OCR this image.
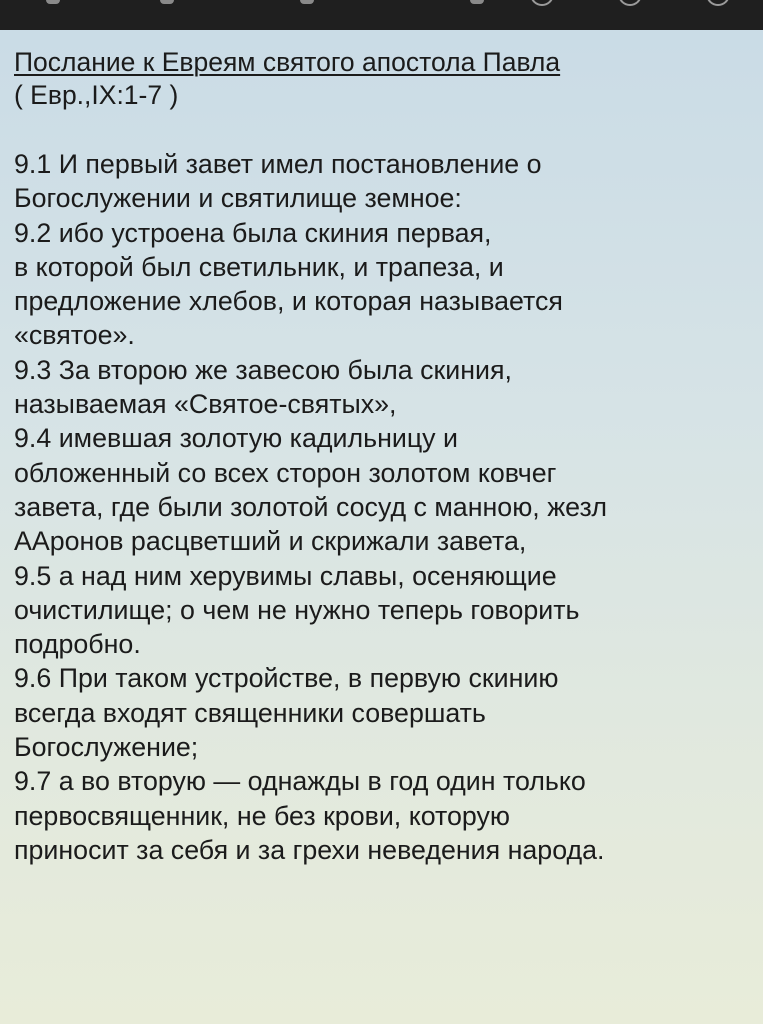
Послание к Евреям святого апостола Павла

( Евр.,IX:1-7 )

9.1 И первый завет имел постановление о
Богослужении и святилище земное:

9.2 ибо устроена была скиния первая,
в которой был светильник, и трапеза, и
предложение хлебов, и которая называется
«святое».

9.3 За второю же завесою была скиния,
называемая «Святое-святых»,

9.4 имевшая золотую кадильницу и
обложенный со всех сторон золотом ковчег
завета, где были золотой сосуд с манною, жезл
ААронов расцветший и скрижали завета,

9.5 а над ним херувимы славы, осеняющие
очистилище; о чем не нужно теперь говорить
подробно.

9.6 При таком устройстве, в первую скинию
всегда входят священники совершать
Богослужение;

9.7 а во вторую — однажды в год один только
первосвященник, не без крови, которую
приносит за себя и за грехи неведения народа.
